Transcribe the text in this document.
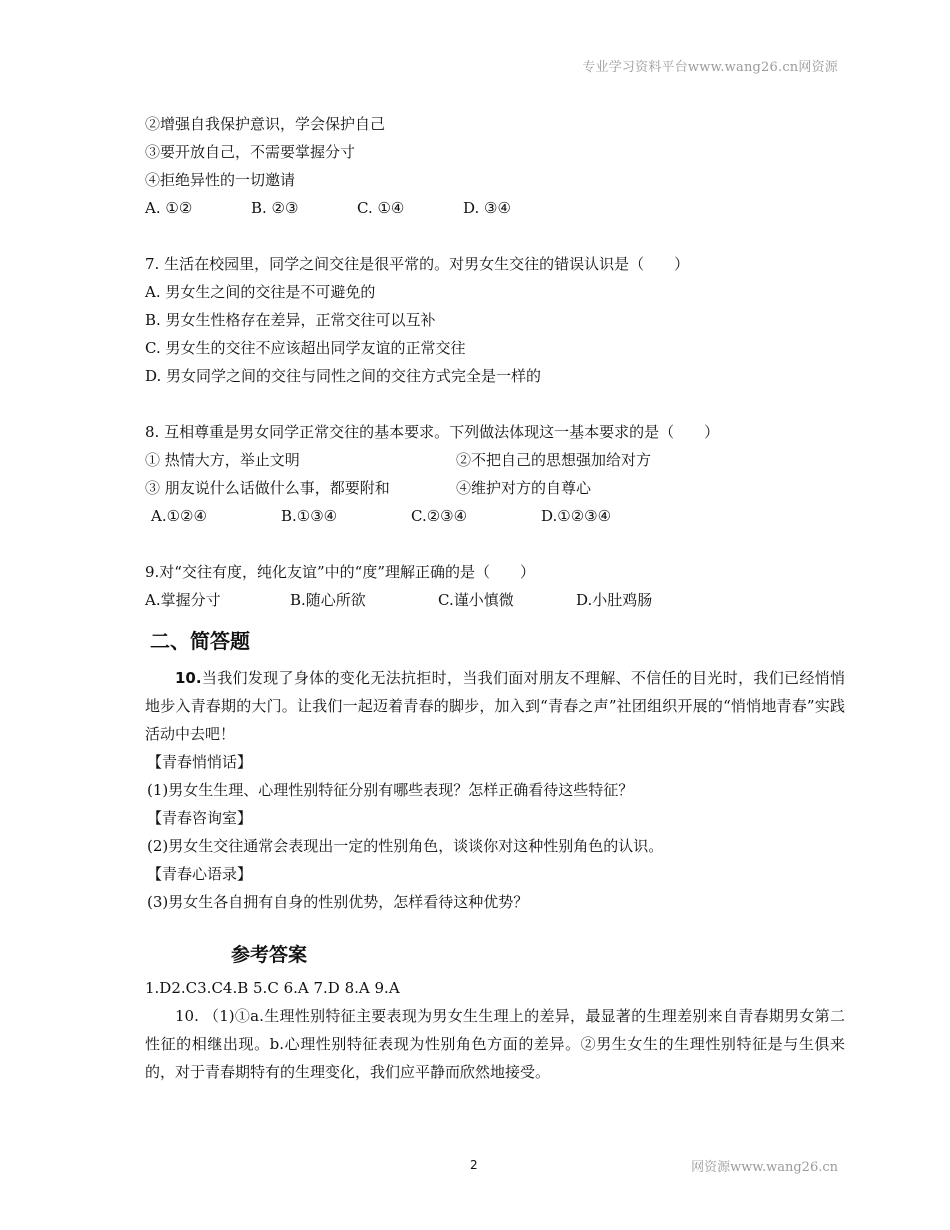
专业学习资料平台www.wang26.cn网资源
②增强自我保护意识，学会保护自己
③要开放自己，不需要掌握分寸
④拒绝异性的一切邀请
A. ①②	B. ②③	C. ①④	D. ③④
7. 生活在校园里，同学之间交往是很平常的。对男女生交往的错误认识是（　　）
A. 男女生之间的交往是不可避免的
B. 男女生性格存在差异，正常交往可以互补
C. 男女生的交往不应该超出同学友谊的正常交往
D. 男女同学之间的交往与同性之间的交往方式完全是一样的
8. 互相尊重是男女同学正常交往的基本要求。下列做法体现这一基本要求的是（　　）
① 热情大方，举止文明	②不把自己的思想强加给对方
③ 朋友说什么话做什么事，都要附和	④维护对方的自尊心
A.①②④	B.①③④	C.②③④	D.①②③④
9.对“交往有度，纯化友谊”中的“度”理解正确的是（　　）
A.掌握分寸	B.随心所欲	C.谨小慎微	D.小肚鸡肠
二、简答题
10.当我们发现了身体的变化无法抗拒时，当我们面对朋友不理解、不信任的目光时，我们已经悄悄地步入青春期的大门。让我们一起迈着青春的脚步，加入到“青春之声”社团组织开展的“悄悄地青春”实践活动中去吧！
【青春悄悄话】
(1)男女生生理、心理性别特征分别有哪些表现？怎样正确看待这些特征？
【青春咨询室】
(2)男女生交往通常会表现出一定的性别角色，谈谈你对这种性别角色的认识。
【青春心语录】
(3)男女生各自拥有自身的性别优势，怎样看待这种优势？
参考答案
1.D2.C3.C4.B 5.C 6.A 7.D 8.A 9.A
10. （1)①a.生理性别特征主要表现为男女生生理上的差异，最显著的生理差别来自青春期男女第二性征的相继出现。b.心理性别特征表现为性别角色方面的差异。②男生女生的生理性别特征是与生俱来的，对于青春期特有的生理变化，我们应平静而欣然地接受。
2	网资源www.wang26.cn
